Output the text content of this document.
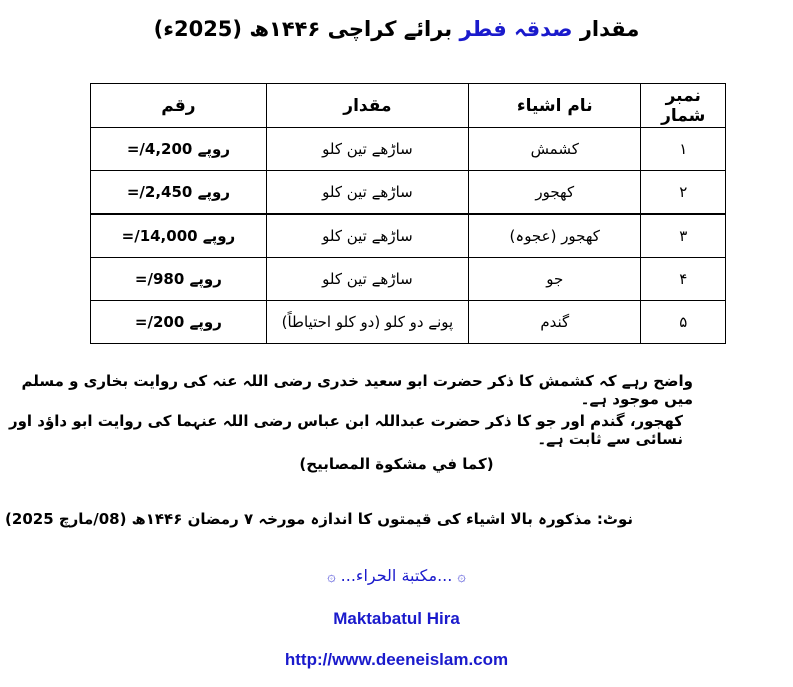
مقدار صدقہ فطر برائے کراچی ۱۴۴۶ھ (2025ء)
نمبر شمار	نام اشیاء	مقدار	رقم
۱	کشمش	ساڑھے تین کلو	=/4,200 روپے
۲	کھجور	ساڑھے تین کلو	=/2,450 روپے
۳	کھجور (عجوہ)	ساڑھے تین کلو	=/14,000 روپے
۴	جو	ساڑھے تین کلو	=/980 روپے
۵	گندم	پونے دو کلو (دو کلو احتیاطاً)	=/200 روپے
واضح رہے کہ کشمش کا ذکر حضرت ابو سعید خدری رضی اللہ عنہ کی روایت بخاری و مسلم میں موجود ہے۔
کھجور، گندم اور جو کا ذکر حضرت عبداللہ ابن عباس رضی اللہ عنہما کی روایت ابو داؤد اور نسائی سے ثابت ہے۔
(کما في مشكوة المصابيح)
نوٹ: مذکورہ بالا اشیاء کی قیمتوں کا اندازہ مورخہ ۷ رمضان ۱۴۴۶ھ (08/مارچ 2025)
۞ ...مكتبة الحراء... ۞
Maktabatul Hira
http://www.deeneislam.com
